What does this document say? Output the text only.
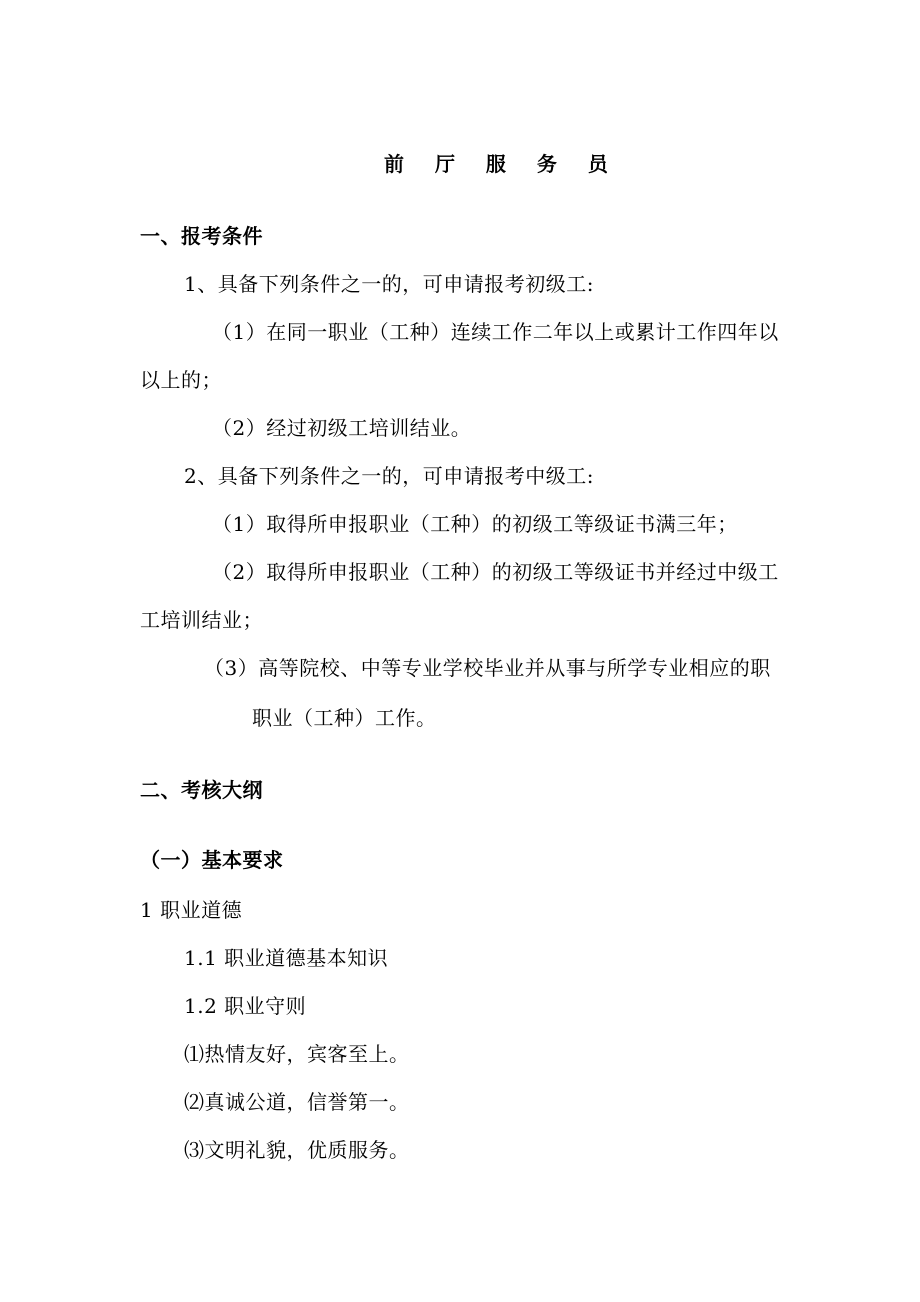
前 厅 服 务 员
一、报考条件
1、具备下列条件之一的，可申请报考初级工:
（1）在同一职业（工种）连续工作二年以上或累计工作四年以
以上的；
（2）经过初级工培训结业。
2、具备下列条件之一的，可申请报考中级工:
（1）取得所申报职业（工种）的初级工等级证书满三年；
（2）取得所申报职业（工种）的初级工等级证书并经过中级工
工培训结业；
（3）高等院校、中等专业学校毕业并从事与所学专业相应的职
职业（工种）工作。
二、考核大纲
（一）基本要求
1 职业道德
1.1 职业道德基本知识
1.2 职业守则
⑴热情友好，宾客至上。
⑵真诚公道，信誉第一。
⑶文明礼貌，优质服务。
